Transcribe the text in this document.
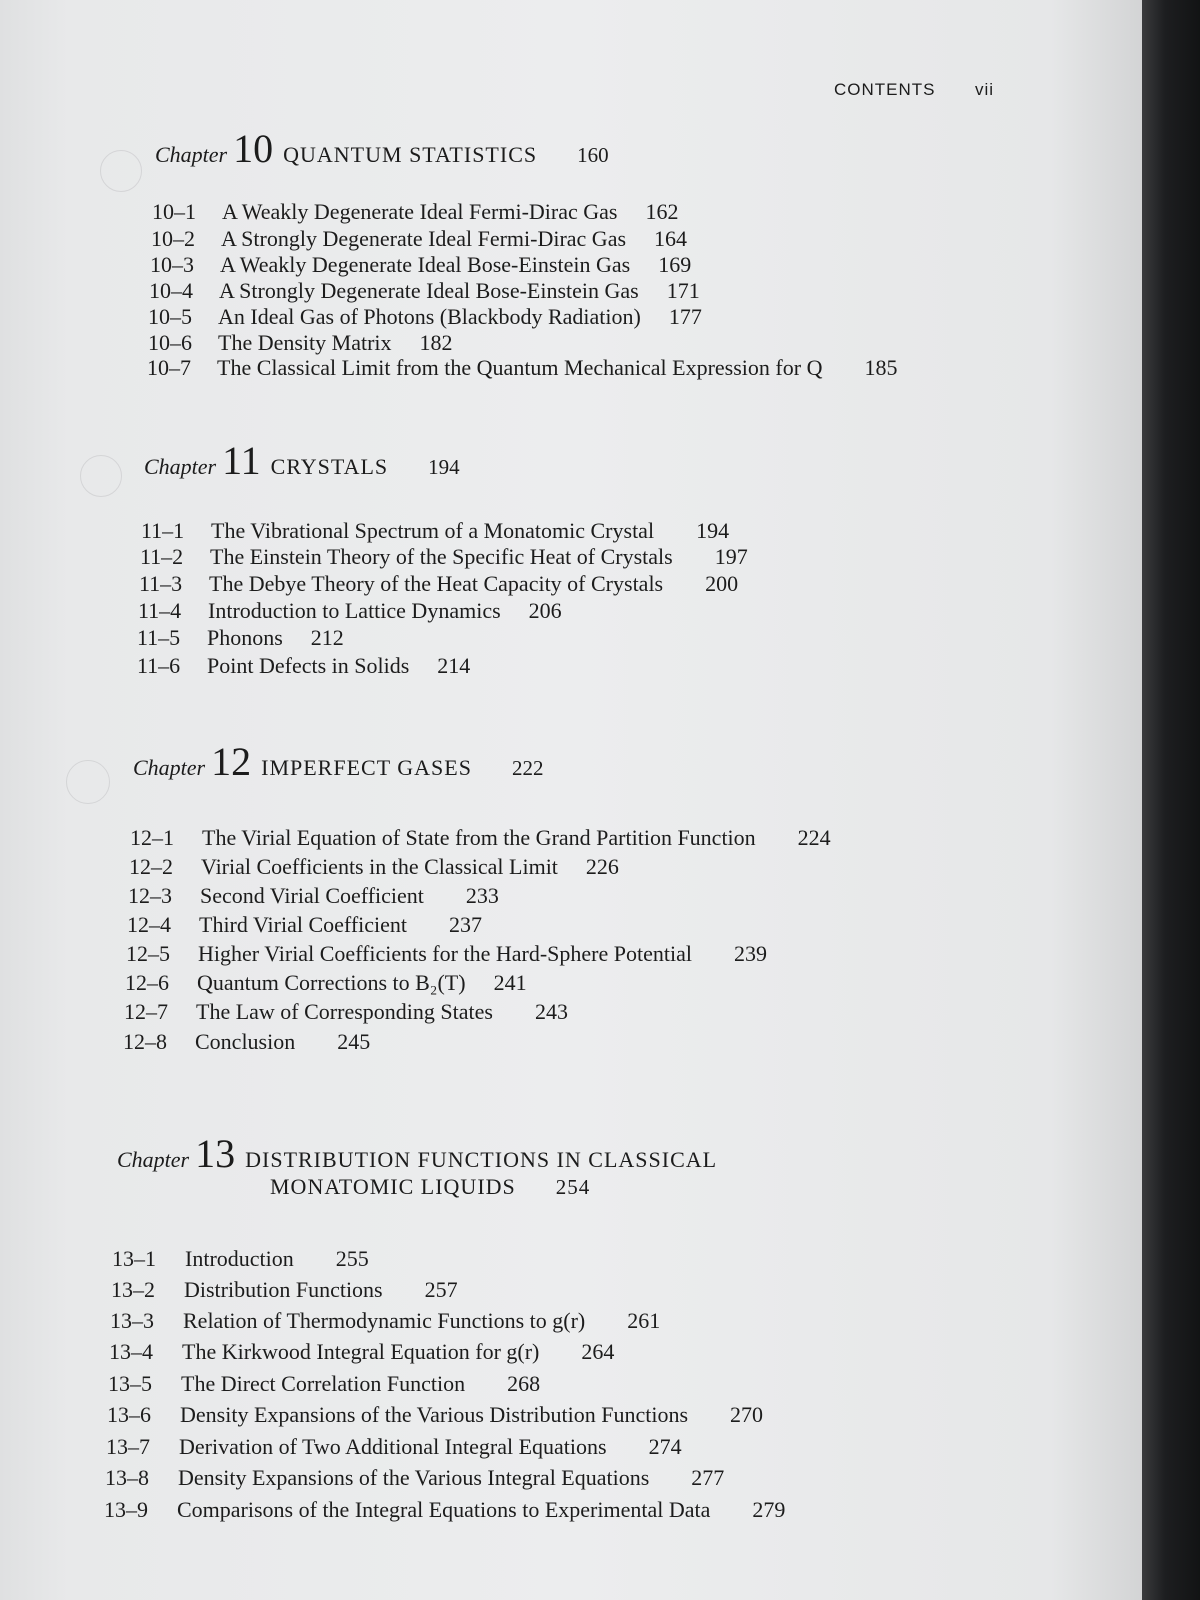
CONTENTS vii
Chapter 10 QUANTUM STATISTICS 160
10–1 A Weakly Degenerate Ideal Fermi-Dirac Gas 162
10–2 A Strongly Degenerate Ideal Fermi-Dirac Gas 164
10–3 A Weakly Degenerate Ideal Bose-Einstein Gas 169
10–4 A Strongly Degenerate Ideal Bose-Einstein Gas 171
10–5 An Ideal Gas of Photons (Blackbody Radiation) 177
10–6 The Density Matrix 182
10–7 The Classical Limit from the Quantum Mechanical Expression for Q 185
Chapter 11 CRYSTALS 194
11–1 The Vibrational Spectrum of a Monatomic Crystal 194
11–2 The Einstein Theory of the Specific Heat of Crystals 197
11–3 The Debye Theory of the Heat Capacity of Crystals 200
11–4 Introduction to Lattice Dynamics 206
11–5 Phonons 212
11–6 Point Defects in Solids 214
Chapter 12 IMPERFECT GASES 222
12–1 The Virial Equation of State from the Grand Partition Function 224
12–2 Virial Coefficients in the Classical Limit 226
12–3 Second Virial Coefficient 233
12–4 Third Virial Coefficient 237
12–5 Higher Virial Coefficients for the Hard-Sphere Potential 239
12–6 Quantum Corrections to B₂(T) 241
12–7 The Law of Corresponding States 243
12–8 Conclusion 245
Chapter 13 DISTRIBUTION FUNCTIONS IN CLASSICAL
MONATOMIC LIQUIDS 254
13–1 Introduction 255
13–2 Distribution Functions 257
13–3 Relation of Thermodynamic Functions to g(r) 261
13–4 The Kirkwood Integral Equation for g(r) 264
13–5 The Direct Correlation Function 268
13–6 Density Expansions of the Various Distribution Functions 270
13–7 Derivation of Two Additional Integral Equations 274
13–8 Density Expansions of the Various Integral Equations 277
13–9 Comparisons of the Integral Equations to Experimental Data 279
